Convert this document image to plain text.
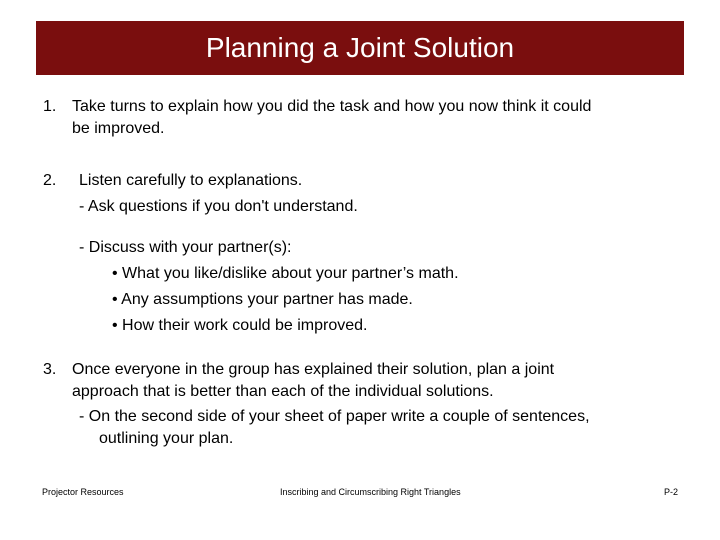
Planning a Joint Solution
1. Take turns to explain how you did the task and how you now think it could
be improved.
2. Listen carefully to explanations.
- Ask questions if you don't understand.
- Discuss with your partner(s):
• What you like/dislike about your partner’s math.
• Any assumptions your partner has made.
• How their work could be improved.
3. Once everyone in the group has explained their solution, plan a joint
approach that is better than each of the individual solutions.
- On the second side of your sheet of paper write a couple of sentences,
outlining your plan.
Projector Resources	Inscribing and Circumscribing Right Triangles	P-2
